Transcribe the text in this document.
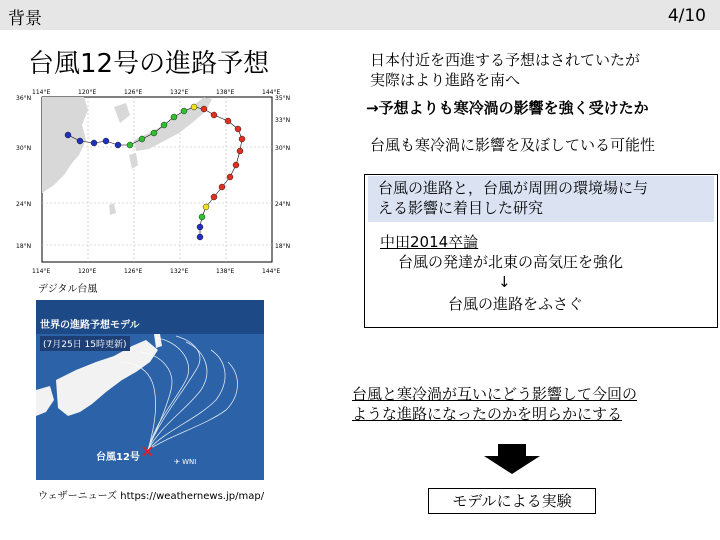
背景	4/10
台風12号の進路予想
114°E	120°E	126°E	132°E	138°E	144°E
114°E	120°E	126°E	132°E	138°E	144°E
36°N
30°N
24°N
18°N
35°N
33°N
30°N
24°N
18°N
デジタル台風
✈ WNI
世界の進路予想モデル
(7月25日 15時更新)
台風12号 ✕
ウェザーニューズ https://weathernews.jp/map/
日本付近を西進する予想はされていたが
実際はより進路を南へ
→予想よりも寒冷渦の影響を強く受けたか
台風も寒冷渦に影響を及ぼしている可能性
台風の進路と，台風が周囲の環境場に与
える影響に着目した研究
中田2014卒論
台風の発達が北東の高気圧を強化
↓
台風の進路をふさぐ
台風と寒冷渦が互いにどう影響して今回の
ような進路になったのかを明らかにする
モデルによる実験
